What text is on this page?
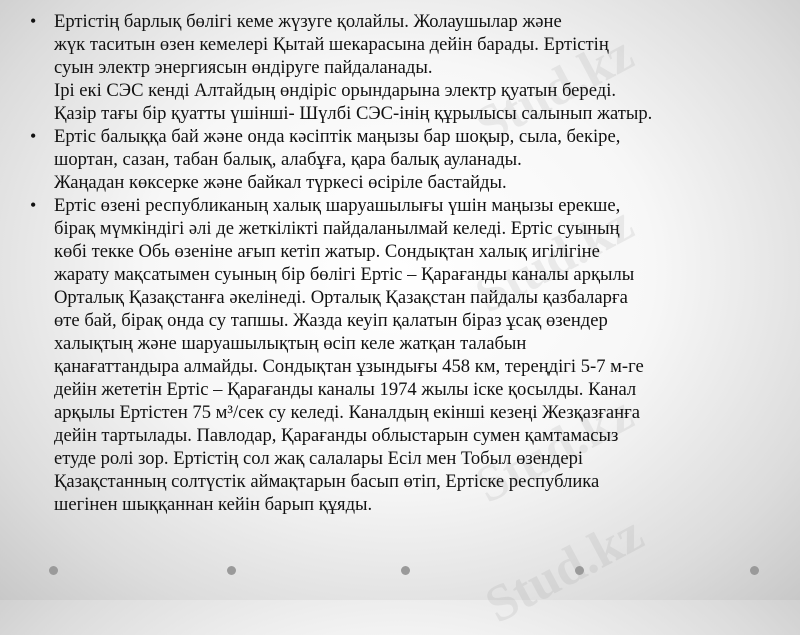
Stud.kz
Stud.kz
Stud.kz
Stud.kz
• Ертістің барлық бөлігі кеме жүзуге қолайлы. Жолаушылар және
жүк таситын өзен кемелері Қытай шекарасына дейін барады. Ертістің
суын электр энергиясын өндіруге пайдаланады.
Ірі екі СЭС кенді Алтайдың өндіріс орындарына электр қуатын береді.
Қазір тағы бір қуатты үшінші- Шүлбі СЭС-інің құрылысы салынып жатыр.
• Ертіс балыққа бай және онда кәсіптік маңызы бар шоқыр, сыла, бекіре,
шортан, сазан, табан балық, алабұға, қара балық ауланады.
Жаңадан көксерке және байкал түркесі өсіріле бастайды.
• Ертіс өзені республиканың халық шаруашылығы үшін маңызы ерекше,
бірақ мүмкіндігі әлі де жеткілікті пайдаланылмай келеді. Ертіс суының
көбі текке Обь өзеніне ағып кетіп жатыр. Сондықтан халық игілігіне
жарату мақсатымен суының бір бөлігі Ертіс – Қарағанды каналы арқылы
Орталық Қазақстанға әкелінеді. Орталық Қазақстан пайдалы қазбаларға
өте бай, бірақ онда су тапшы. Жазда кеуіп қалатын біраз ұсақ өзендер
халықтың және шаруашылықтың өсіп келе жатқан талабын
қанағаттандыра алмайды. Сондықтан ұзындығы 458 км, тереңдігі 5-7 м-ге
дейін жететін Ертіс – Қарағанды каналы 1974 жылы іске қосылды. Канал
арқылы Ертістен 75 м³/сек су келеді. Каналдың екінші кезеңі Жезқазғанға
дейін тартылады. Павлодар, Қарағанды облыстарын сумен қамтамасыз
етуде ролі зор. Ертістің сол жақ салалары Есіл мен Тобыл өзендері
Қазақстанның солтүстік аймақтарын басып өтіп, Ертіске республика
шегінен шыққаннан кейін барып құяды.
